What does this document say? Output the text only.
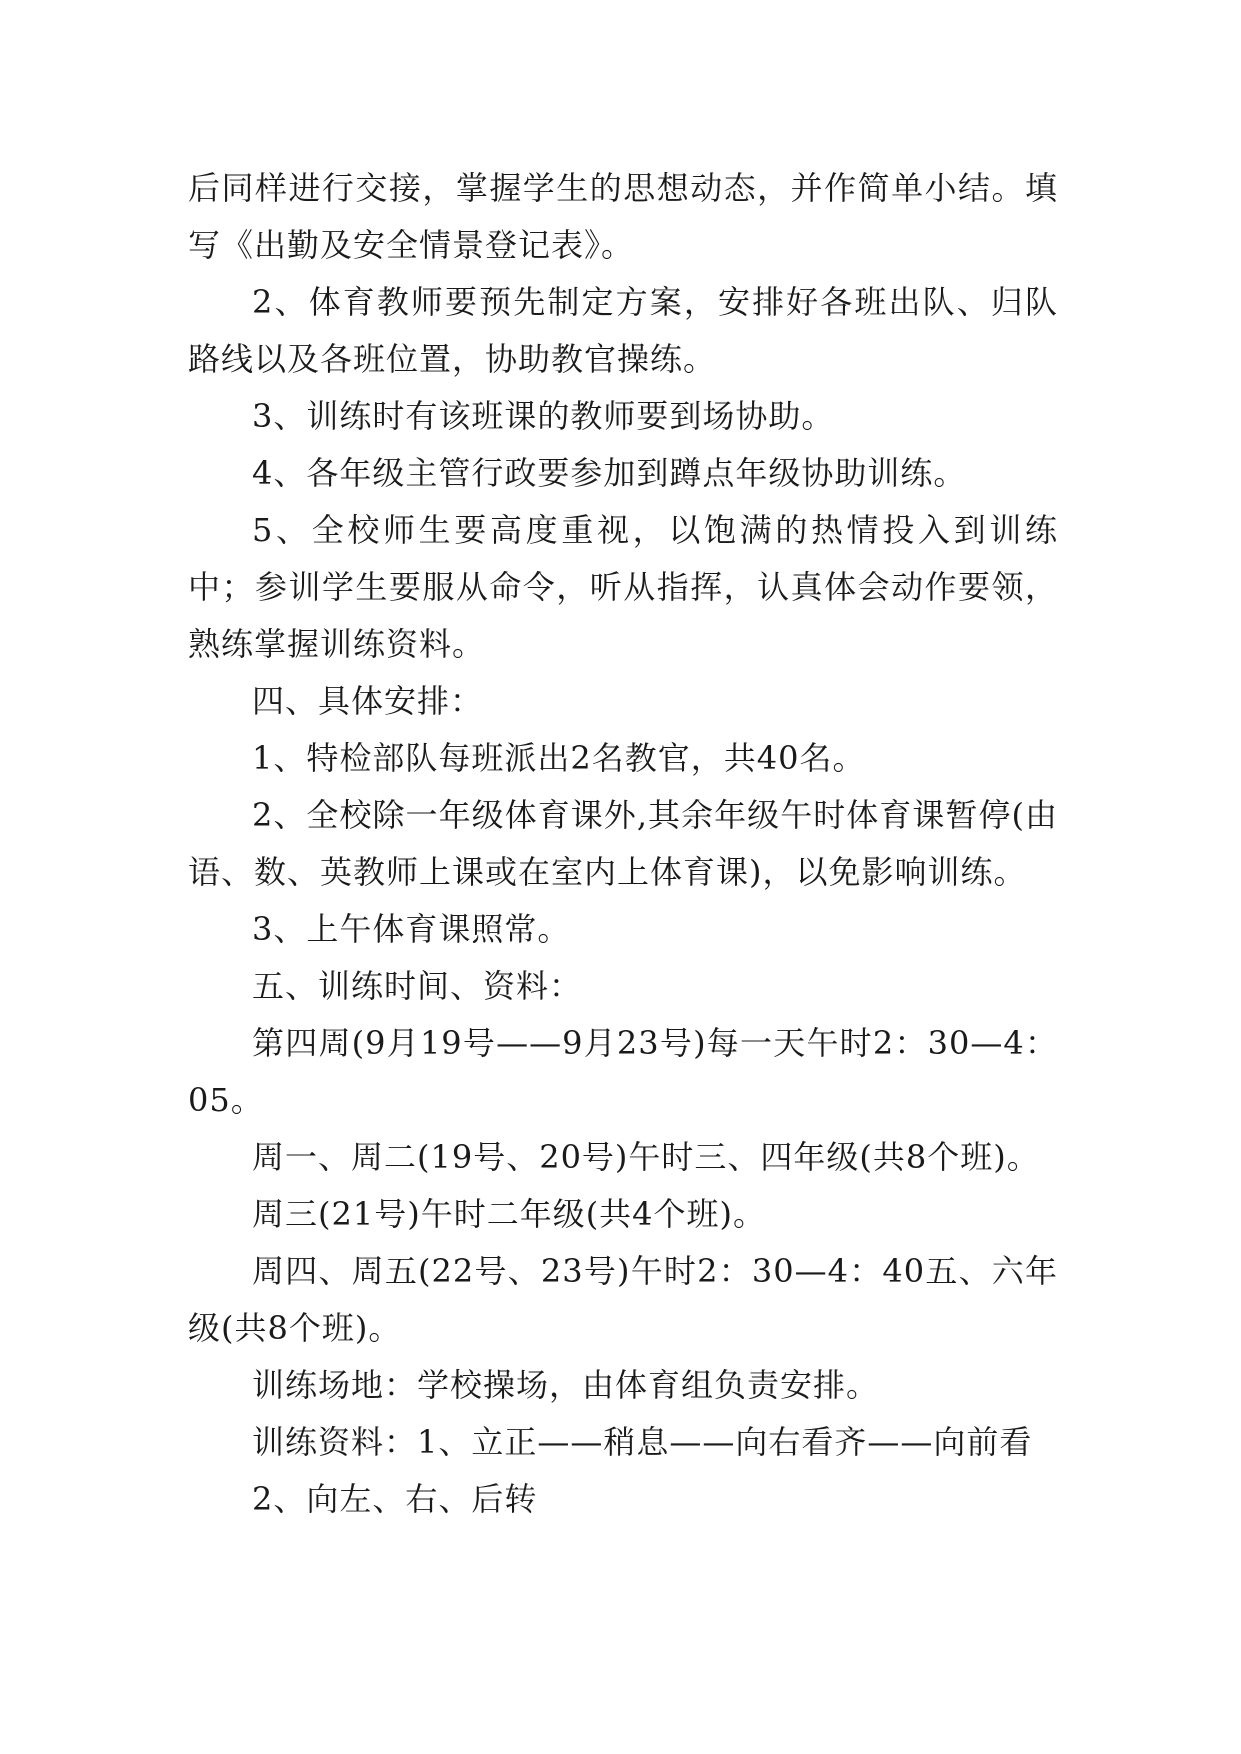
后同样进行交接，掌握学生的思想动态，并作简单小结。填写《出勤及安全情景登记表》。

2、体育教师要预先制定方案，安排好各班出队、归队路线以及各班位置，协助教官操练。

3、训练时有该班课的教师要到场协助。

4、各年级主管行政要参加到蹲点年级协助训练。

5、全校师生要高度重视，以饱满的热情投入到训练中；参训学生要服从命令，听从指挥，认真体会动作要领，熟练掌握训练资料。

四、具体安排：

1、特检部队每班派出2名教官，共40名。

2、全校除一年级体育课外,其余年级午时体育课暂停(由语、数、英教师上课或在室内上体育课)，以免影响训练。

3、上午体育课照常。

五、训练时间、资料：

第四周(9月19号——9月23号)每一天午时2：30—4：05。

周一、周二(19号、20号)午时三、四年级(共8个班)。

周三(21号)午时二年级(共4个班)。

周四、周五(22号、23号)午时2：30—4：40五、六年级(共8个班)。

训练场地：学校操场，由体育组负责安排。

训练资料：1、立正——稍息——向右看齐——向前看

2、向左、右、后转
